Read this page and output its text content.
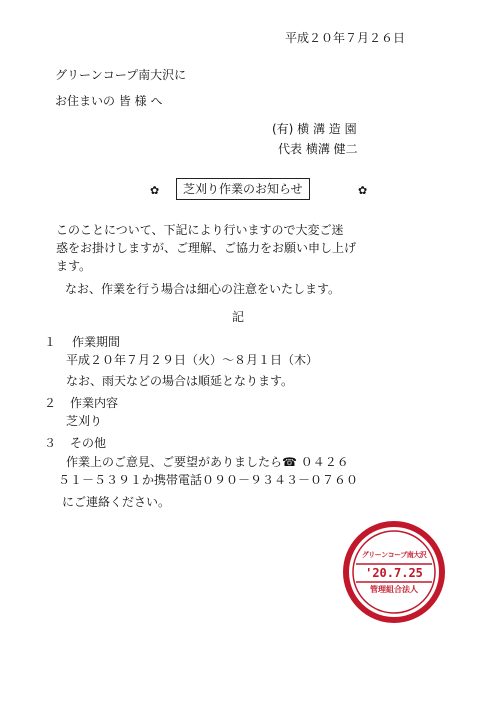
平成２０年７月２６日
グリーンコープ南大沢に
お住まいの 皆 様 へ
(有) 横 溝 造 園
代表 横溝 健二
✿	芝刈り作業のお知らせ	✿
このことについて、下記により行いますので大変ご迷
惑をお掛けしますが、ご理解、ご協力をお願い申し上げ
ます。
なお、作業を行う場合は細心の注意をいたします。
記
１ 作業期間
平成２０年７月２９日（火）～８月１日（木）
なお、雨天などの場合は順延となります。
２ 作業内容
芝刈り
３ その他
作業上のご意見、ご要望がありましたら☎ ０４２６
５１－５３９１か携帯電話０９０－９３４３－０７６０
にご連絡ください。
グリーンコープ南大沢
'20.7.25
管理組合法人
